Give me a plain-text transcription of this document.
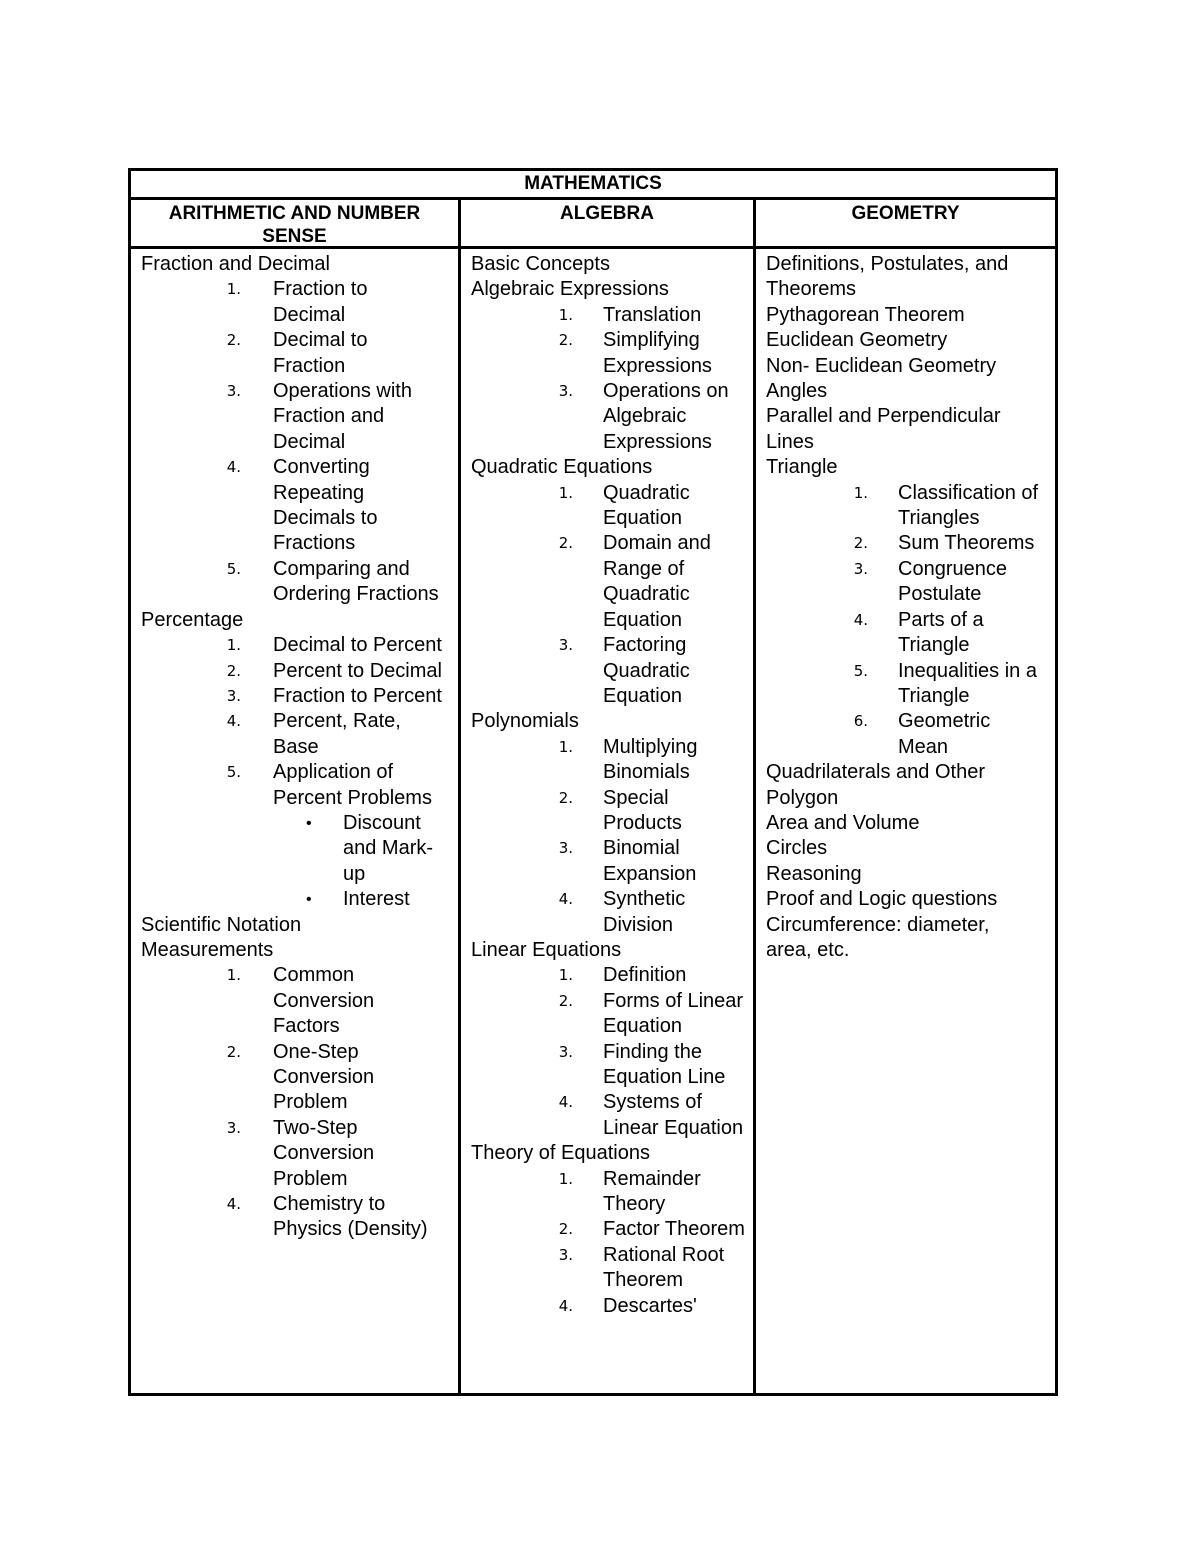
MATHEMATICS
ARITHMETIC AND NUMBER SENSE
ALGEBRA	GEOMETRY
Fraction and Decimal
1. Fraction to Decimal
2. Decimal to Fraction
3. Operations with Fraction and Decimal
4. Converting Repeating Decimals to Fractions
5. Comparing and Ordering Fractions
Percentage
1. Decimal to Percent
2. Percent to Decimal
3. Fraction to Percent
4. Percent, Rate, Base
5. Application of Percent Problems
• Discount and Mark-up
• Interest
Scientific Notation
Measurements
1. Common Conversion Factors
2. One-Step Conversion Problem
3. Two-Step Conversion Problem
4. Chemistry to Physics (Density)
Basic Concepts
Algebraic Expressions
1. Translation
2. Simplifying Expressions
3. Operations on Algebraic Expressions
Quadratic Equations
1. Quadratic Equation
2. Domain and Range of Quadratic Equation
3. Factoring Quadratic Equation
Polynomials
1. Multiplying Binomials
2. Special Products
3. Binomial Expansion
4. Synthetic Division
Linear Equations
1. Definition
2. Forms of Linear Equation
3. Finding the Equation Line
4. Systems of Linear Equation
Theory of Equations
1. Remainder Theory
2. Factor Theorem
3. Rational Root Theorem
4. Descartes'
Definitions, Postulates, and Theorems
Pythagorean Theorem
Euclidean Geometry
Non- Euclidean Geometry
Angles
Parallel and Perpendicular Lines
Triangle
1. Classification of Triangles
2. Sum Theorems
3. Congruence Postulate
4. Parts of a Triangle
5. Inequalities in a Triangle
6. Geometric Mean
Quadrilaterals and Other Polygon
Area and Volume
Circles
Reasoning
Proof and Logic questions
Circumference: diameter, area, etc.
